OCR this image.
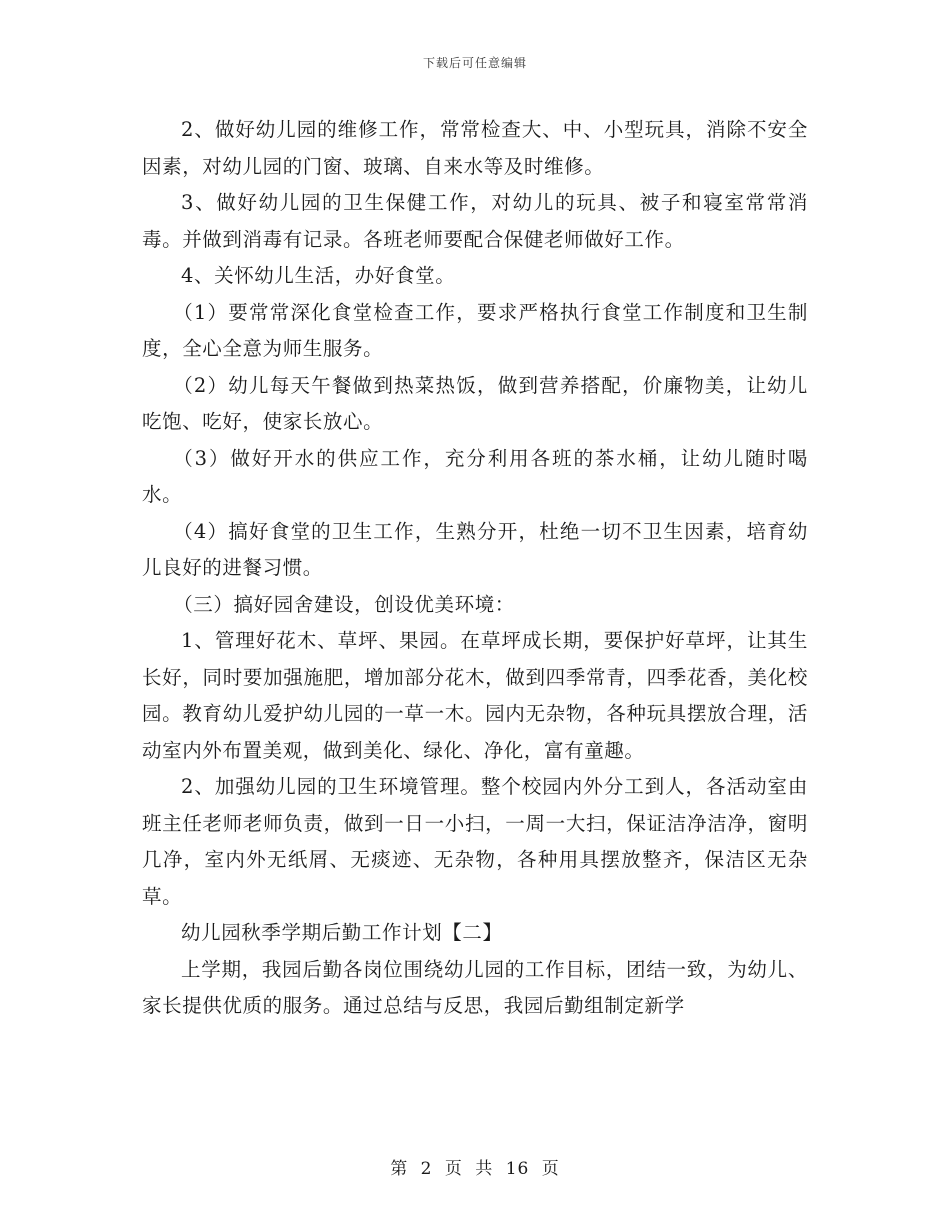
下载后可任意编辑

2、做好幼儿园的维修工作，常常检查大、中、小型玩具，消除不安全因素，对幼儿园的门窗、玻璃、自来水等及时维修。

3、做好幼儿园的卫生保健工作，对幼儿的玩具、被子和寝室常常消毒。并做到消毒有记录。各班老师要配合保健老师做好工作。

4、关怀幼儿生活，办好食堂。

（1）要常常深化食堂检查工作，要求严格执行食堂工作制度和卫生制度，全心全意为师生服务。

（2）幼儿每天午餐做到热菜热饭，做到营养搭配，价廉物美，让幼儿吃饱、吃好，使家长放心。

（3）做好开水的供应工作，充分利用各班的茶水桶，让幼儿随时喝水。

（4）搞好食堂的卫生工作，生熟分开，杜绝一切不卫生因素，培育幼儿良好的进餐习惯。

（三）搞好园舍建设，创设优美环境：

1、管理好花木、草坪、果园。在草坪成长期，要保护好草坪，让其生长好，同时要加强施肥，增加部分花木，做到四季常青，四季花香，美化校园。教育幼儿爱护幼儿园的一草一木。园内无杂物，各种玩具摆放合理，活动室内外布置美观，做到美化、绿化、净化，富有童趣。

2、加强幼儿园的卫生环境管理。整个校园内外分工到人，各活动室由班主任老师老师负责，做到一日一小扫，一周一大扫，保证洁净洁净，窗明几净，室内外无纸屑、无痰迹、无杂物，各种用具摆放整齐，保洁区无杂草。

幼儿园秋季学期后勤工作计划【二】

上学期，我园后勤各岗位围绕幼儿园的工作目标，团结一致，为幼儿、家长提供优质的服务。通过总结与反思，我园后勤组制定新学

第 2 页 共 16 页
